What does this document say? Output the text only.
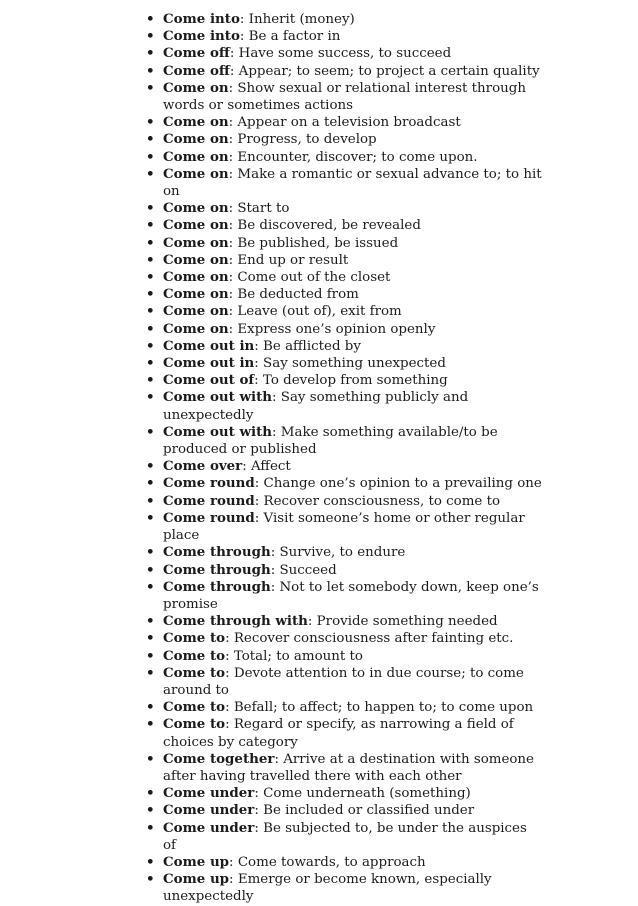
• Come into: Inherit (money)
• Come into: Be a factor in
• Come off: Have some success, to succeed
• Come off: Appear; to seem; to project a certain quality
• Come on: Show sexual or relational interest through words or sometimes actions
• Come on: Appear on a television broadcast
• Come on: Progress, to develop
• Come on: Encounter, discover; to come upon.
• Come on: Make a romantic or sexual advance to; to hit on
• Come on: Start to
• Come on: Be discovered, be revealed
• Come on: Be published, be issued
• Come on: End up or result
• Come on: Come out of the closet
• Come on: Be deducted from
• Come on: Leave (out of), exit from
• Come on: Express one’s opinion openly
• Come out in: Be afflicted by
• Come out in: Say something unexpected
• Come out of: To develop from something
• Come out with: Say something publicly and unexpectedly
• Come out with: Make something available/to be produced or published
• Come over: Affect
• Come round: Change one’s opinion to a prevailing one
• Come round: Recover consciousness, to come to
• Come round: Visit someone’s home or other regular place
• Come through: Survive, to endure
• Come through: Succeed
• Come through: Not to let somebody down, keep one’s promise
• Come through with: Provide something needed
• Come to: Recover consciousness after fainting etc.
• Come to: Total; to amount to
• Come to: Devote attention to in due course; to come around to
• Come to: Befall; to affect; to happen to; to come upon
• Come to: Regard or specify, as narrowing a field of choices by category
• Come together: Arrive at a destination with someone after having travelled there with each other
• Come under: Come underneath (something)
• Come under: Be included or classified under
• Come under: Be subjected to, be under the auspices of
• Come up: Come towards, to approach
• Come up: Emerge or become known, especially unexpectedly
